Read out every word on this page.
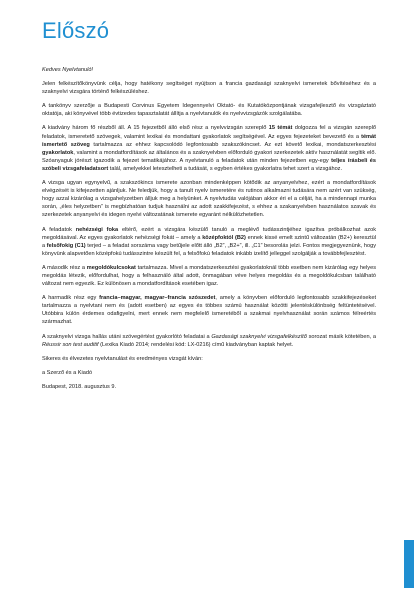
Előszó

Kedves Nyelvtanuló!

Jelen felkészítőkönyvünk célja, hogy hatékony segítséget nyújtson a francia gazdasági szaknyelvi ismeretek bővítéséhez és a szaknyelvi vizsgára történő felkészüléshez.

A tankönyv szerzője a Budapesti Corvinus Egyetem Idegennyelvi Oktató- és Kutatóközpontjának vizsgafejlesztő és vizsgáztató oktatója, aki könyvével több évtizedes tapasztalatát állítja a nyelvtanulók és nyelvvizsgázók szolgálatába.

A kiadvány három fő részből áll. A 15 fejezetből álló első rész a nyelvvizsgán szereplő 15 témát dolgozza fel a vizsgán szereplő feladatok, ismeretető szövegek, valamint lexikai és mondattani gyakorlatok segítségével. Az egyes fejezeteket bevezető és a témát ismertető szöveg tartalmazza az ehhez kapcsolódó legfontosabb szakszókincset. Az ezt követő lexikai, mondatszerkesztési gyakorlatok, valamint a mondatfordítások az általános és a szaknyelvben előforduló gyakori szerkezetek aktív használatát segítik elő. Szóanyaguk jórészt igazodik a fejezet tematikájához. A nyelvtanuló a feladatok után minden fejezetben egy-egy teljes írásbeli és szóbeli vizsgafeladatsort talál, amelyekkel letesztelheti a tudását, s egyben értékes gyakorlatra tehet szert a vizsgához.

A vizsga ugyan egynyelvű, a szakszókincs ismerete azonban mindenképpen kötődik az anyanyelvhez, ezért a mondatfordítások elvégzését is kifejezetten ajánljuk. Ne feledjük, hogy a tanult nyelv ismeretére és rutinos alkalmazni tudására nem azért van szükség, hogy azzal kizárólag a vizsgahelyzetben álljuk meg a helyünket. A nyelvtudás valójában akkor éri el a célját, ha a mindennapi munka során, „éles helyzetben” is megbízhatóan tudjuk használni az adott szakkifejezést, s ehhez a szakanyelvben használatos szavak és szerkezetek anyanyelvi és idegen nyelvi változatának ismerete egyaránt nélkülözhetetlen.

A feladatok nehézségi foka eltérő, ezért a vizsgára készülő tanuló a meglévő tudásszintjéhez igazítva próbálkozhat azok megoldásával. Az egyes gyakorlatok nehézségi fokát – amely a középfoktól (B2) ennek kissé emelt szintű változatán (B2+) keresztül a felsőfokig (C1) terjed – a feladat sorszáma vagy betűjele előtt álló „B2”, „B2+”, ill. „C1” besorolás jelzi. Fontos megjegyeznünk, hogy könyvünk alapvetően középfokú tudásszintre készült fel, a felsőfokú feladatok inkább izelítő jelleggel szolgálják a továbbfejlesztést.

A második rész a megoldókulcsokat tartalmazza. Mivel a mondatszerkesztési gyakorlatoknál több esetben nem kizárólag egy helyes megoldás létezik, előfordulhat, hogy a felhasználó által adott, önmagában véve helyes megoldás és a megoldókulcsban található változat nem egyezik. Ez különösen a mondatfordítások esetében igaz.

A harmadik rész egy francia–magyar, magyar–francia szószedet, amely a könyvben előforduló legfontosabb szakkifejezéseket tartalmazza a nyelvtani nem és (adott esetben) az egyes és többes számú használat közötti jelentéskülönbség feltüntetésével. Utóbbira külön érdemes odafigyelni, mert ennek nem megfelelő ismeretéből a szakmai nyelvhasználat során számos félreértés származhat.

A szaknyelvi vizsga hallás utáni szövegértést gyakorlótó feladatai a Gazdasági szaknyelvi vizsgafelkészítő sorozat másik kötetében, a Réussir son test auditif (Lexika Kiadó 2014; rendelési kód: LX-0216) című kiadványban kaptak helyet.

Sikeres és élvezetes nyelvtanulást és eredményes vizsgát kíván:

a Szerző és a Kiadó

Budapest, 2018. augusztus 9.
